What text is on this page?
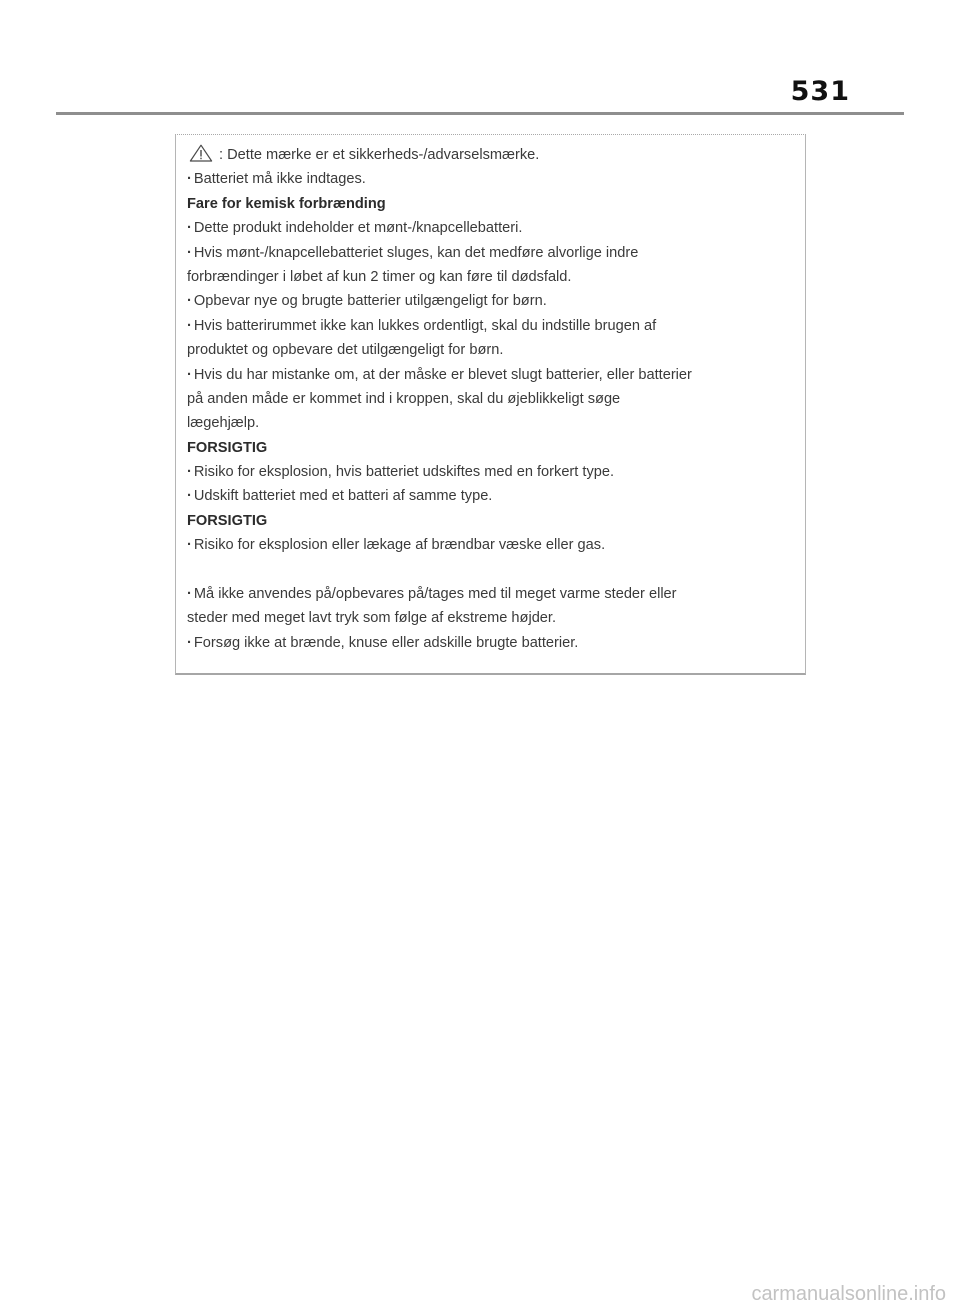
531
: Dette mærke er et sikkerheds-/advarselsmærke.
· Batteriet må ikke indtages.
Fare for kemisk forbrænding
· Dette produkt indeholder et mønt-/knapcellebatteri.
· Hvis mønt-/knapcellebatteriet sluges, kan det medføre alvorlige indre
forbrændinger i løbet af kun 2 timer og kan føre til dødsfald.
· Opbevar nye og brugte batterier utilgængeligt for børn.
· Hvis batterirummet ikke kan lukkes ordentligt, skal du indstille brugen af
produktet og opbevare det utilgængeligt for børn.
· Hvis du har mistanke om, at der måske er blevet slugt batterier, eller batterier
på anden måde er kommet ind i kroppen, skal du øjeblikkeligt søge
lægehjælp.
FORSIGTIG
· Risiko for eksplosion, hvis batteriet udskiftes med en forkert type.
· Udskift batteriet med et batteri af samme type.
FORSIGTIG
· Risiko for eksplosion eller lækage af brændbar væske eller gas.
· Må ikke anvendes på/opbevares på/tages med til meget varme steder eller
steder med meget lavt tryk som følge af ekstreme højder.
· Forsøg ikke at brænde, knuse eller adskille brugte batterier.
carmanualsonline.info
